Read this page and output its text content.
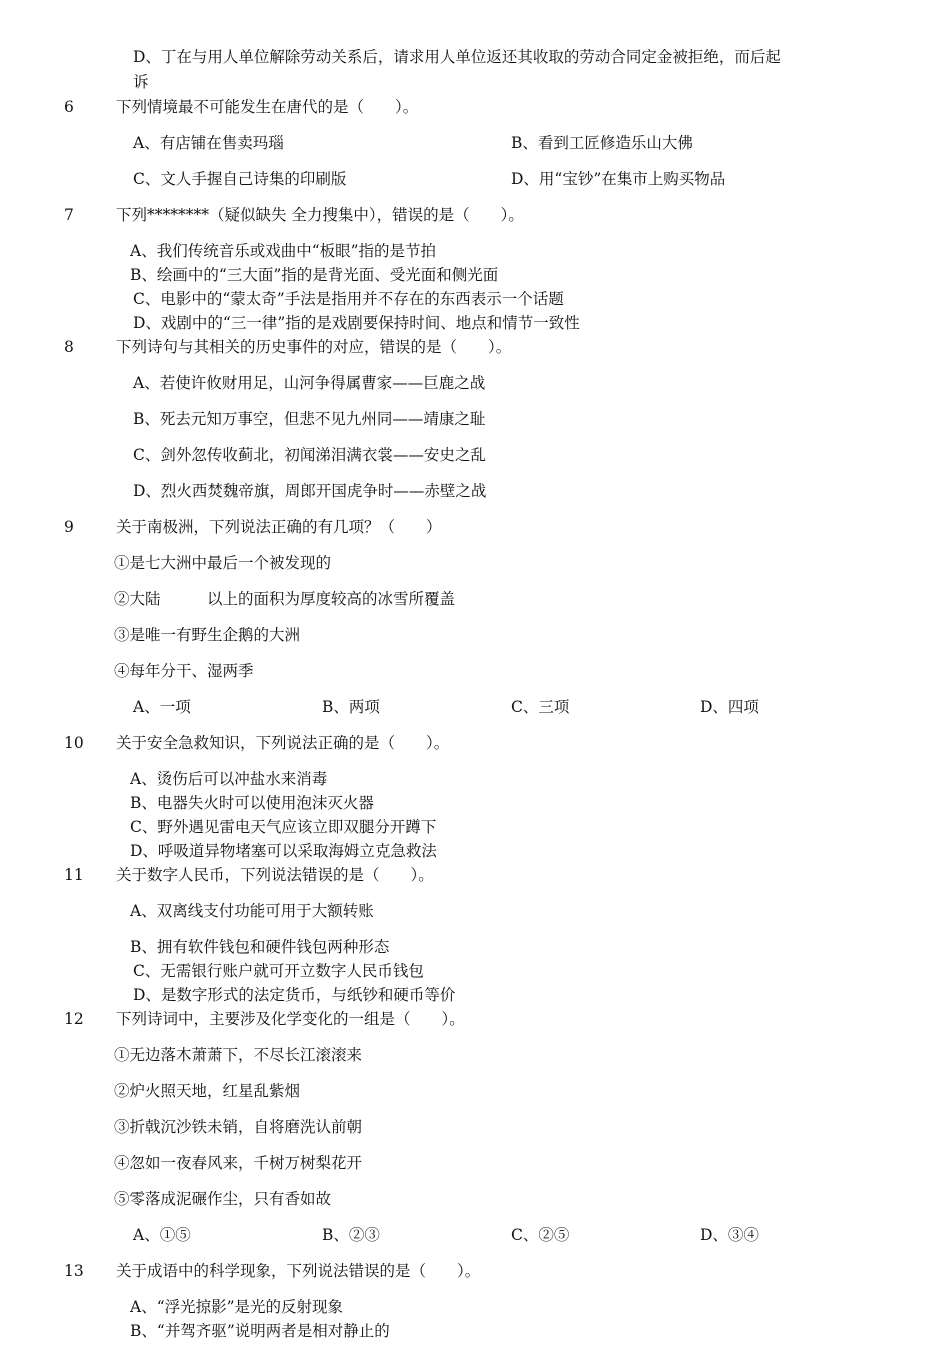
D、丁在与用人单位解除劳动关系后，请求用人单位返还其收取的劳动合同定金被拒绝，而后起
诉
6	下列情境最不可能发生在唐代的是（　　）。
A、有店铺在售卖玛瑙	B、看到工匠修造乐山大佛
C、文人手握自己诗集的印刷版	D、用“宝钞”在集市上购买物品
7	下列********（疑似缺失 全力搜集中），错误的是（　　）。
A、我们传统音乐或戏曲中“板眼”指的是节拍
B、绘画中的“三大面”指的是背光面、受光面和侧光面
C、电影中的“蒙太奇”手法是指用并不存在的东西表示一个话题
D、戏剧中的“三一律”指的是戏剧要保持时间、地点和情节一致性
8	下列诗句与其相关的历史事件的对应，错误的是（　　）。
A、若使许攸财用足，山河争得属曹家——巨鹿之战
B、死去元知万事空，但悲不见九州同——靖康之耻
C、剑外忽传收蓟北，初闻涕泪满衣裳——安史之乱
D、烈火西焚魏帝旗，周郎开国虎争时——赤壁之战
9	关于南极洲，下列说法正确的有几项？（　　）
①是七大洲中最后一个被发现的
②大陆　　　以上的面积为厚度较高的冰雪所覆盖
③是唯一有野生企鹅的大洲
④每年分干、湿两季
A、一项	B、两项	C、三项	D、四项
10 关于安全急救知识，下列说法正确的是（　　）。
A、烫伤后可以冲盐水来消毒
B、电器失火时可以使用泡沫灭火器
C、野外遇见雷电天气应该立即双腿分开蹲下
D、呼吸道异物堵塞可以采取海姆立克急救法
11 关于数字人民币，下列说法错误的是（　　）。
A、双离线支付功能可用于大额转账
B、拥有软件钱包和硬件钱包两种形态
C、无需银行账户就可开立数字人民币钱包
D、是数字形式的法定货币，与纸钞和硬币等价
12 下列诗词中，主要涉及化学变化的一组是（　　）。
①无边落木萧萧下，不尽长江滚滚来
②炉火照天地，红星乱紫烟
③折戟沉沙铁未销，自将磨洗认前朝
④忽如一夜春风来，千树万树梨花开
⑤零落成泥碾作尘，只有香如故
A、①⑤	B、②③	C、②⑤	D、③④
13 关于成语中的科学现象，下列说法错误的是（　　）。
A、“浮光掠影”是光的反射现象
B、“并驾齐驱”说明两者是相对静止的
